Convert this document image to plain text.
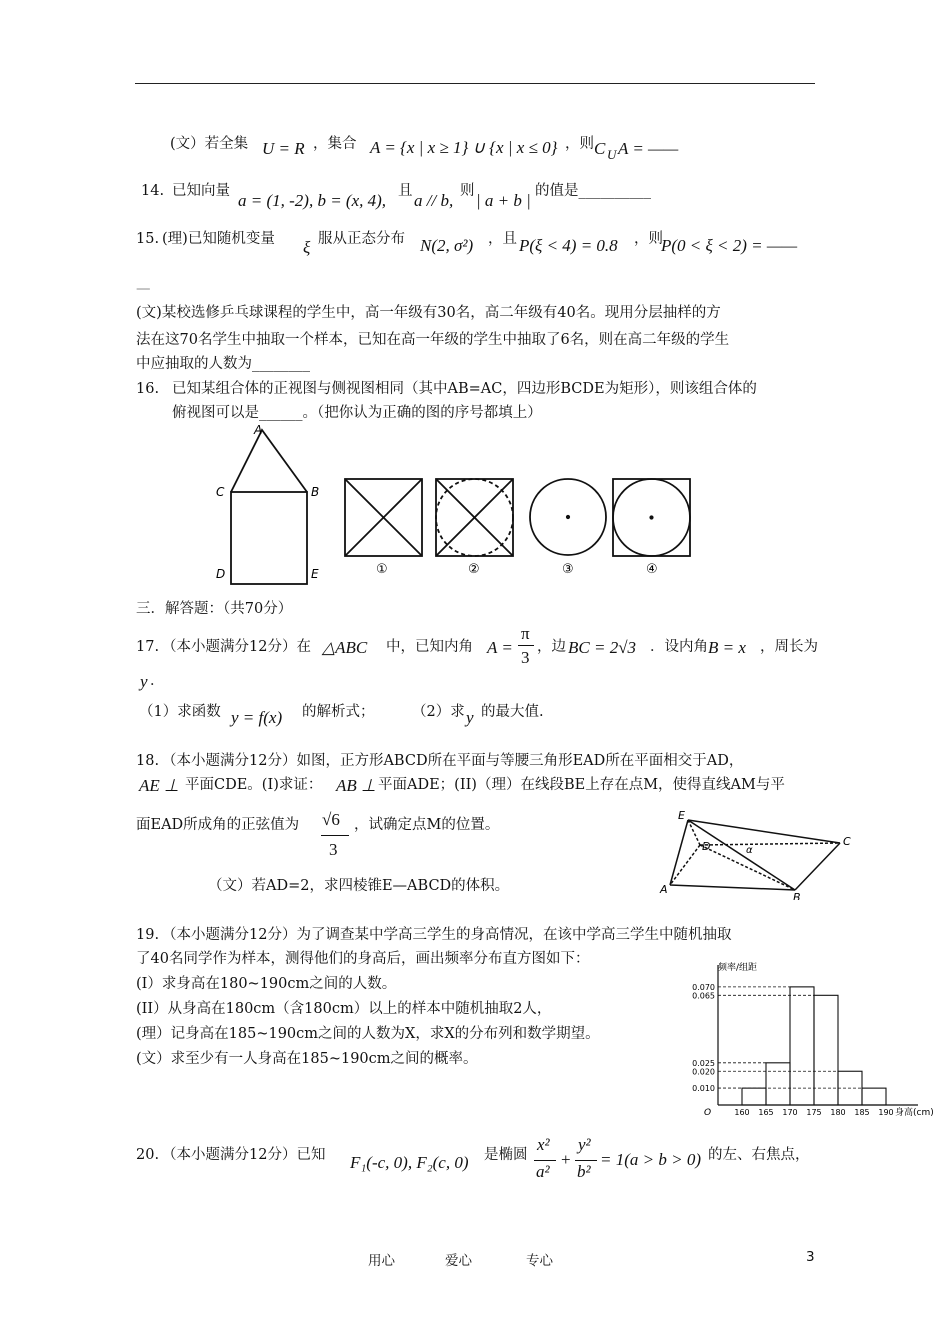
(文）若全集 U = R ，集合 A = {x | x ≥ 1} ∪ {x | x ≤ 0} ，则 C U A = ——
14. 已知向量 a = (1, -2), b = (x, 4), 且 a // b, 则 | a + b | 的值是__________
15. (理)已知随机变量 ξ 服从正态分布 N(2, σ²) ，且 P(ξ < 4) = 0.8 ，则
P(0 < ξ < 2) = ——
—
(文)某校选修乒乓球课程的学生中，高一年级有30名，高二年级有40名。现用分层抽样的方
法在这70名学生中抽取一个样本，已知在高一年级的学生中抽取了6名，则在高二年级的学生
中应抽取的人数为________
16. 已知某组合体的正视图与侧视图相同（其中AB=AC，四边形BCDE为矩形），则该组合体的
俯视图可以是______。（把你认为正确的图的序号都填上）
A
C	B
D	E	①	②	③	④
三．解答题：（共70分）
17. （本小题满分12分）在 △ABC 中，已知内角 A =
π
3
，边 BC = 2√3 ．设内角 B = x ，周长为
y ．
（1）求函数 y = f(x) 的解析式；	（2）求 y 的最大值.
18. （本小题满分12分）如图，正方形ABCD所在平面与等腰三角形EAD所在平面相交于AD，
AE ⊥ 平面CDE。(I)求证： AB ⊥ 平面ADE；(II)（理）在线段BE上存在点M，使得直线AM与平
面EAD所成角的正弦值为 √6
3
，试确定点M的位置。
（文）若AD=2，求四棱锥E—ABCD的体积。
E
D	C
A
B
α
19. （本小题满分12分）为了调查某中学高三学生的身高情况，在该中学高三学生中随机抽取
了40名同学作为样本，测得他们的身高后，画出频率分布直方图如下：
(I）求身高在180~190cm之间的人数。
(II）从身高在180cm（含180cm）以上的样本中随机抽取2人，
(理）记身高在185~190cm之间的人数为X，求X的分布列和数学期望。
(文）求至少有一人身高在185~190cm之间的概率。
0.070
0.065
0.025
0.020
0.010
160 165 170 175 180 185 190
频率/组距
身高(cm)
O
20. （本小题满分12分）已知 F₁(-c, 0), F₂(c, 0) 是椭圆
x²
a²
+
y²
b²
= 1(a > b > 0) 的左、右焦点，
用心	爱心	专心	3
